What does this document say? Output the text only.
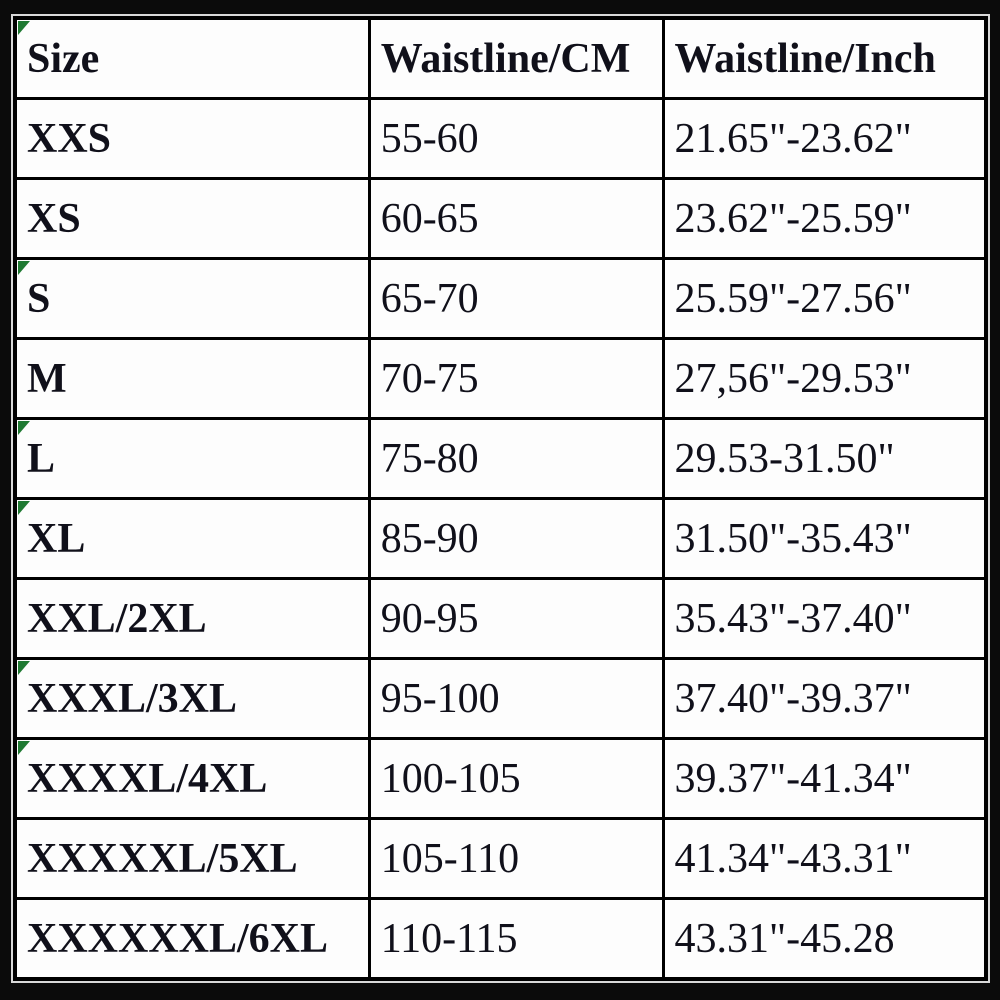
Size	Waistline/CM	Waistline/Inch
XXS	55-60	21.65"-23.62"
XS	60-65	23.62"-25.59"

S	65-70	25.59"-27.56"
M	70-75	27,56"-29.53"

L	75-80	29.53-31.50"

XL	85-90	31.50"-35.43"
XXL/2XL	90-95	35.43"-37.40"

XXXL/3XL	95-100	37.40"-39.37"

XXXXL/4XL	100-105	39.37"-41.34"
XXXXXL/5XL	105-110	41.34"-43.31"
XXXXXXL/6XL	110-115	43.31"-45.28
